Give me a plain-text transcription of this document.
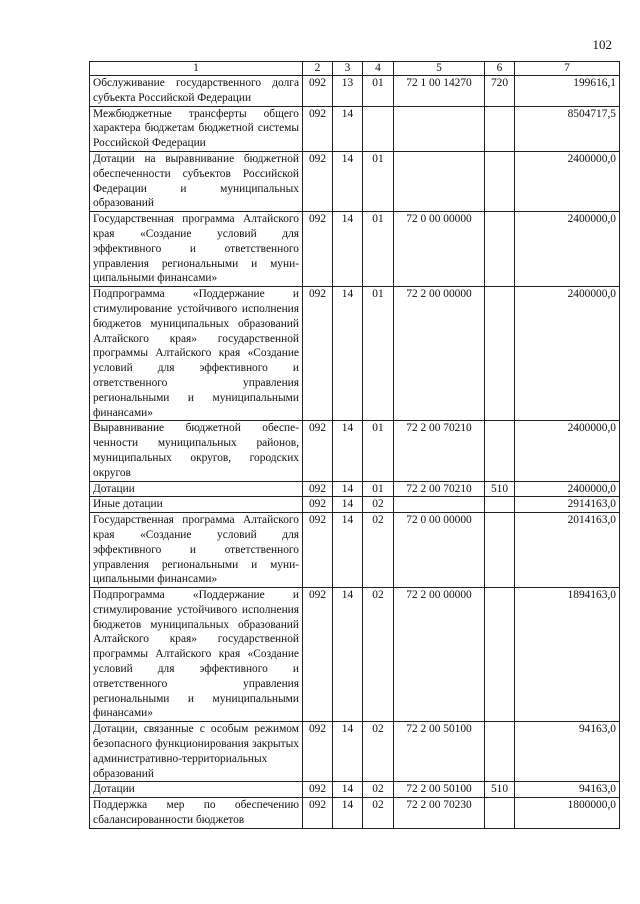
102
1	2	3	4	5	6	7
Обслуживание государственного долга субъекта Российской Федерации	092	13	01	72 1 00 14270	720	199616,1
Межбюджетные трансферты общего характера бюджетам бюджетной системы Российской Федерации	092	14				8504717,5
Дотации на выравнивание бюджетной обеспеченности субъектов Российской Федерации и муниципальных образований	092	14	01			2400000,0
Государственная программа Алтайского края «Создание условий для эффективного и ответственного управления региональными и муниципальными финансами»	092	14	01	72 0 00 00000		2400000,0
Подпрограмма «Поддержание и стимулирование устойчивого исполнения бюджетов муниципальных образований Алтайского края» государственной программы Алтайского края «Создание условий для эффективного и ответственного управления региональными и муниципальными финансами»	092	14	01	72 2 00 00000		2400000,0
Выравнивание бюджетной обеспеченности муниципальных районов, муниципальных округов, городских округов	092	14	01	72 2 00 70210		2400000,0
Дотации	092	14	01	72 2 00 70210	510	2400000,0
Иные дотации	092	14	02			2914163,0
Государственная программа Алтайского края «Создание условий для эффективного и ответственного управления региональными и муниципальными финансами»	092	14	02	72 0 00 00000		2014163,0
Подпрограмма «Поддержание и стимулирование устойчивого исполнения бюджетов муниципальных образований Алтайского края» государственной программы Алтайского края «Создание условий для эффективного и ответственного управления региональными и муниципальными финансами»	092	14	02	72 2 00 00000		1894163,0
Дотации, связанные с особым режимом безопасного функционирования закрытых административно-территориальных образований	092	14	02	72 2 00 50100		94163,0
Дотации	092	14	02	72 2 00 50100	510	94163,0
Поддержка мер по обеспечению сбалансированности бюджетов	092	14	02	72 2 00 70230		1800000,0
